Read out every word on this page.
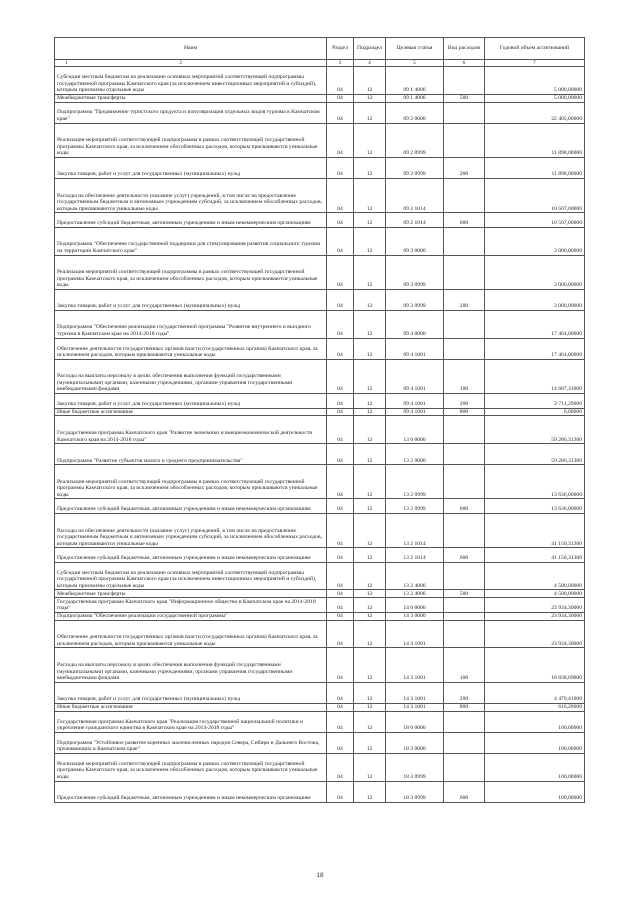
Наим	Раздел	Подраздел	Целевая статья	Вид расходов	Годовой объем ассигнований
1 2	3	4	5	6	7
Субсидии местным бюджетам на реализацию основных мероприятий соответствующей подпрограммы государственной программы Камчатского края (за исключением инвестиционных мероприятий и субсидий), которым присвоены отдельные коды	04	12	09 1 4006		5 000,00000
Межбюджетные трансферты	04	12	09 1 4006	500	5 000,00000
Подпрограмма "Продвижение туристского продукта и популяризация отдельных видов туризма в Камчатском крае"	04	12	09 2 0000		22 405,00000
Реализация мероприятий соответствующей подпрограммы в рамках соответствующей государственной программы Камчатского края, за исключением обособленных расходов, которым присваиваются уникальные коды	04	12	09 2 0999		11 898,00000
Закупка товаров, работ и услуг для государственных (муниципальных) нужд	04	12	09 2 0999	200	11 898,00000
Расходы на обеспечение деятельности (оказание услуг) учреждений, в том числе на предоставление государственным бюджетным и автономным учреждениям субсидий, за исключением обособленных расходов, которым присваиваются уникальные коды	04	12	09 2 1014		10 507,00000
Предоставление субсидий бюджетным, автономным учреждениям и иным некоммерческим организациям	04	12	09 2 1014	600	10 507,00000
Подпрограмма "Обеспечение государственной поддержки для стимулирования развития социального туризма на территории Камчатского края"	04	12	09 3 0000		3 000,00000
Реализация мероприятий соответствующей подпрограммы в рамках соответствующей государственной программы Камчатского края, за исключением обособленных расходов, которым присваиваются уникальные коды	04	12	09 3 0999		3 000,00000
Закупка товаров, работ и услуг для государственных (муниципальных) нужд	04	12	09 3 0999	200	3 000,00000
Подпрограмма "Обеспечение реализации государственной программы "Развитие внутреннего и въездного туризма в Камчатском крае на 2014-2018 годы"	04	12	09 4 0000		17 464,00000
Обеспечение деятельности государственных органов власти (государственных органов) Камчатского края, за исключением расходов, которым присваиваются уникальные коды	04	12	09 4 1001		17 464,00000
Расходы на выплаты персоналу в целях обеспечения выполнения функций государственными (муниципальными) органами, казенными учреждениями, органами управления государственными внебюджетными фондами	04	12	09 4 1001	100	14 687,31000
Закупка товаров, работ и услуг для государственных (муниципальных) нужд	04	12	09 4 1001	200	2 711,29000
Иные бюджетные ассигнования	04	12	09 4 1001	800	6,00000
Государственная программа Камчатского края "Развитие экономики и внешнеэкономической деятельности Камчатского края на 2014-2018 годы"	04	12	13 0 0000		59 286,31300
Подпрограмма "Развитие субъектов малого и среднего предпринимательства"	04	12	13 2 0000		59 286,31300
Реализация мероприятий соответствующей подпрограммы в рамках соответствующей государственной программы Камчатского края, за исключением обособленных расходов, которым присваиваются уникальные коды	04	12	13 2 0999		13 636,00000
Предоставление субсидий бюджетным, автономным учреждениям и иным некоммерческим организациям	04	12	13 2 0999	600	13 636,00000
Расходы на обеспечение деятельности (оказание услуг) учреждений, в том числе на предоставление государственным бюджетным и автономным учреждениям субсидий, за исключением обособленных расходов, которым присваиваются уникальные коды	04	12	13 2 1014		41 150,31300
Предоставление субсидий бюджетным, автономным учреждениям и иным некоммерческим организациям	04	12	13 2 1014	600	41 150,31300
Субсидии местным бюджетам на реализацию основных мероприятий соответствующей подпрограммы государственной программы Камчатского края (за исключением инвестиционных мероприятий и субсидий), которым присвоены отдельные коды	04	12	13 2 4006		4 500,00000
Межбюджетные трансферты	04	12	13 2 4006	500	4 500,00000
Государственная программа Камчатского края "Информационное общество в Камчатском крае на 2014-2018 годы"	04	12	14 0 0000		23 934,30000
Подпрограмма "Обеспечение реализации государственной программы"	04	12	14 3 0000		23 934,30000
Обеспечение деятельности государственных органов власти (государственных органов) Камчатского края, за исключением расходов, которым присваиваются уникальные коды	04	12	14 3 1001		23 934,30000
Расходы на выплаты персоналу в целях обеспечения выполнения функций государственными (муниципальными) органами, казенными учреждениями, органами управления государственными внебюджетными фондами	04	12	14 3 1001	100	18 838,69000
Закупка товаров, работ и услуг для государственных (муниципальных) нужд	04	12	14 3 1001	200	4 479,41000
Иные бюджетные ассигнования	04	12	14 3 1001	800	616,20000
Государственная программа Камчатского края "Реализация государственной национальной политики и укрепление гражданского единства в Камчатском крае на 2014-2018 годы"	04	12	18 0 0000		100,00000
Подпрограмма "Устойчивое развитие коренных малочисленных народов Севера, Сибири и Дальнего Востока, проживающих в Камчатском крае"	04	12	18 3 0000		100,00000
Реализация мероприятий соответствующей подпрограммы в рамках соответствующей государственной программы Камчатского края, за исключением обособленных расходов, которым присваиваются уникальные коды	04	12	18 3 0999		100,00000
Предоставление субсидий бюджетным, автономным учреждениям и иным некоммерческим организациям	04	12	18 3 0999	600	100,00000
18
